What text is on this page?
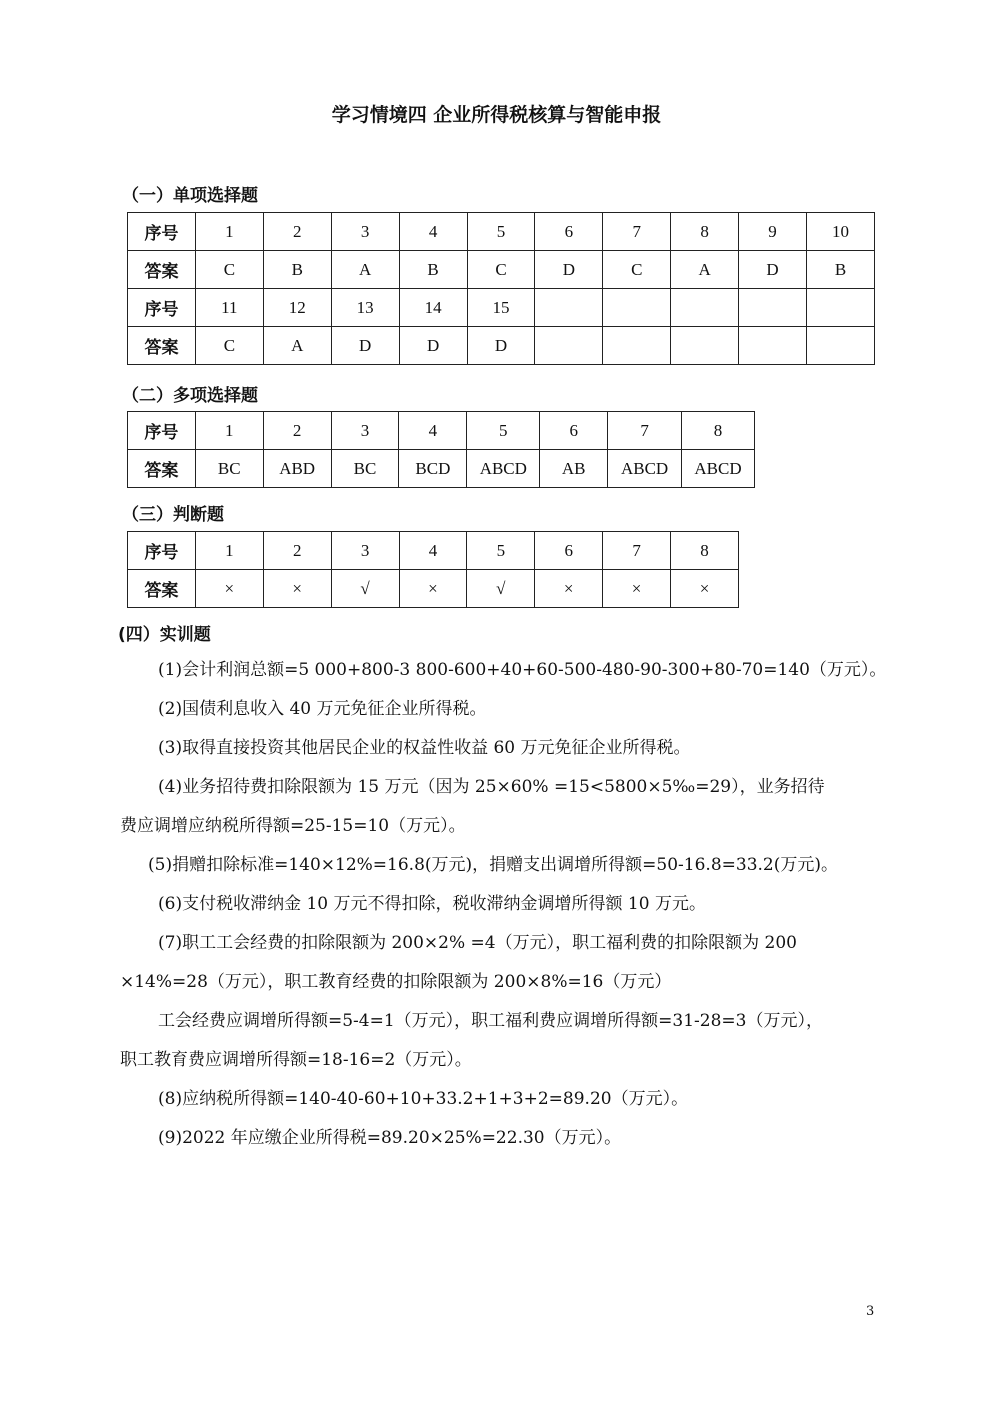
学习情境四 企业所得税核算与智能申报
（一）单项选择题
序号	1	2	3	4	5	6	7	8	9	10
答案	C	B	A	B	C	D	C	A	D	B
序号	11	12	13	14	15					
答案	C	A	D	D	D					
（二）多项选择题
序号	1	2	3	4	5	6	7	8
答案	BC	ABD	BC	BCD	ABCD	AB	ABCD	ABCD
（三）判断题
序号	1	2	3	4	5	6	7	8
答案	×	×	√	×	√	×	×	×
(四）实训题
(1)会计利润总额=5 000+800-3 800-600+40+60-500-480-90-300+80-70=140（万元）。
(2)国债利息收入 40 万元免征企业所得税。
(3)取得直接投资其他居民企业的权益性收益 60 万元免征企业所得税。
(4)业务招待费扣除限额为 15 万元（因为 25×60% =15<5800×5‰=29），业务招待
费应调增应纳税所得额=25-15=10（万元）。
(5)捐赠扣除标准=140×12%=16.8(万元)，捐赠支出调增所得额=50-16.8=33.2(万元)。
(6)支付税收滞纳金 10 万元不得扣除，税收滞纳金调增所得额 10 万元。
(7)职工工会经费的扣除限额为 200×2% =4（万元），职工福利费的扣除限额为 200
×14%=28（万元），职工教育经费的扣除限额为 200×8%=16（万元）
工会经费应调增所得额=5-4=1（万元），职工福利费应调增所得额=31-28=3（万元），
职工教育费应调增所得额=18-16=2（万元）。
(8)应纳税所得额=140-40-60+10+33.2+1+3+2=89.20（万元）。
(9)2022 年应缴企业所得税=89.20×25%=22.30（万元）。
3
